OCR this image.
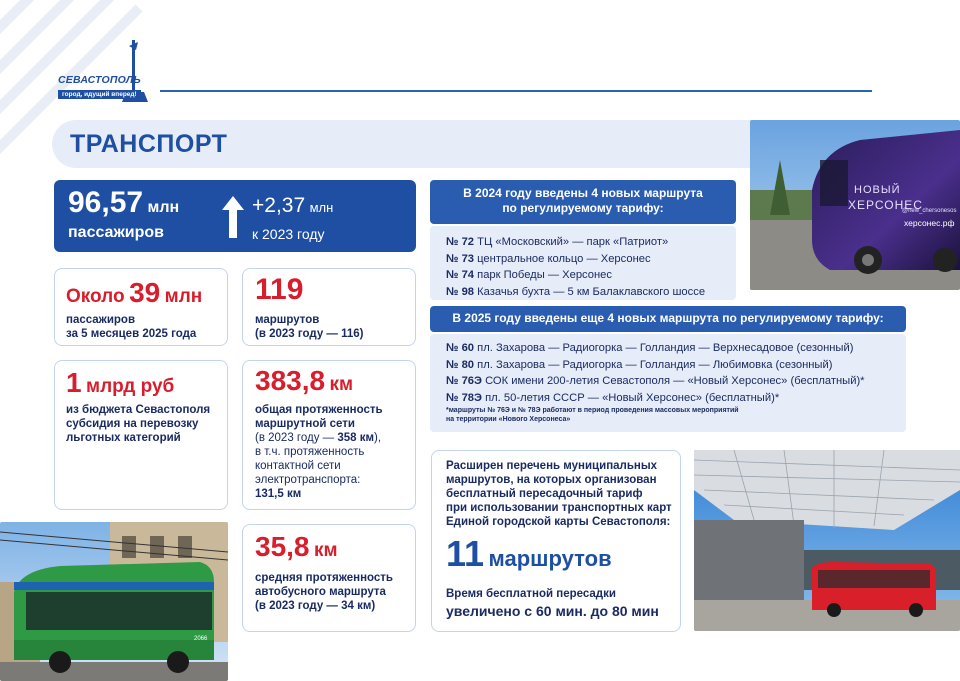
СЕВАСТОПОЛЬ
город, идущий вперед!
ТРАНСПОРТ
96,57 млн
пассажиров
+2,37 млн
к 2023 году
Около 39 млн
пассажиров
за 5 месяцев 2025 года
119
маршрутов
(в 2023 году — 116)
1 млрд руб
из бюджета Севастополя
субсидия на перевозку
льготных категорий
383,8 км
общая протяженность
маршрутной сети
(в 2023 году — 358 км),
в т.ч. протяженность
контактной сети
электротранспорта:
131,5 км
35,8 км
средняя протяженность
автобусного маршрута
(в 2023 году — 34 км)
В 2024 году введены 4 новых маршрута
по регулируемому тарифу:
№ 72 ТЦ «Московский» — парк «Патриот»
№ 73 центральное кольцо — Херсонес
№ 74 парк Победы — Херсонес
№ 98 Казачья бухта — 5 км Балаклавского шоссе
В 2025 году введены еще 4 новых маршрута по регулируемому тарифу:
№ 60 пл. Захарова — Радиогорка — Голландия — Верхнесадовое (сезонный)
№ 80 пл. Захарова — Радиогорка — Голландия — Любимовка (сезонный)
№ 76Э СОК имени 200-летия Севастополя — «Новый Херсонес» (бесплатный)*
№ 78Э пл. 50-летия СССР — «Новый Херсонес» (бесплатный)*
*маршруты № 76Э и № 78Э работают в период проведения массовых мероприятий
на территории «Нового Херсонеса»
Расширен перечень муниципальных
маршрутов, на которых организован
бесплатный пересадочный тариф
при использовании транспортных карт
Единой городской карты Севастополя:
11 маршрутов
Время бесплатной пересадки
увеличено с 60 мин. до 80 мин
НОВЫЙ
ХЕРСОНЕС
@new_chersonesos
херсонес.рф
2066
